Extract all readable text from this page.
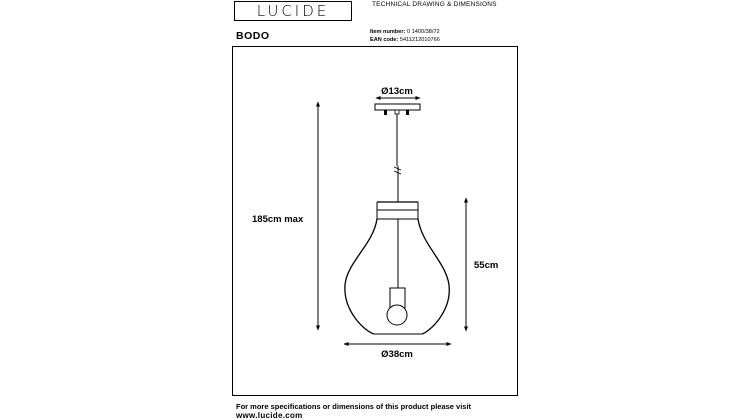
LUCIDE	TECHNICAL DRAWING & DIMENSIONS
BODO	Item number: 0 1400/38/72
EAN code: 5411212010766
Ø13cm
185cm max
55cm
Ø38cm
For more specifications or dimensions of this product please visit
www.lucide.com
